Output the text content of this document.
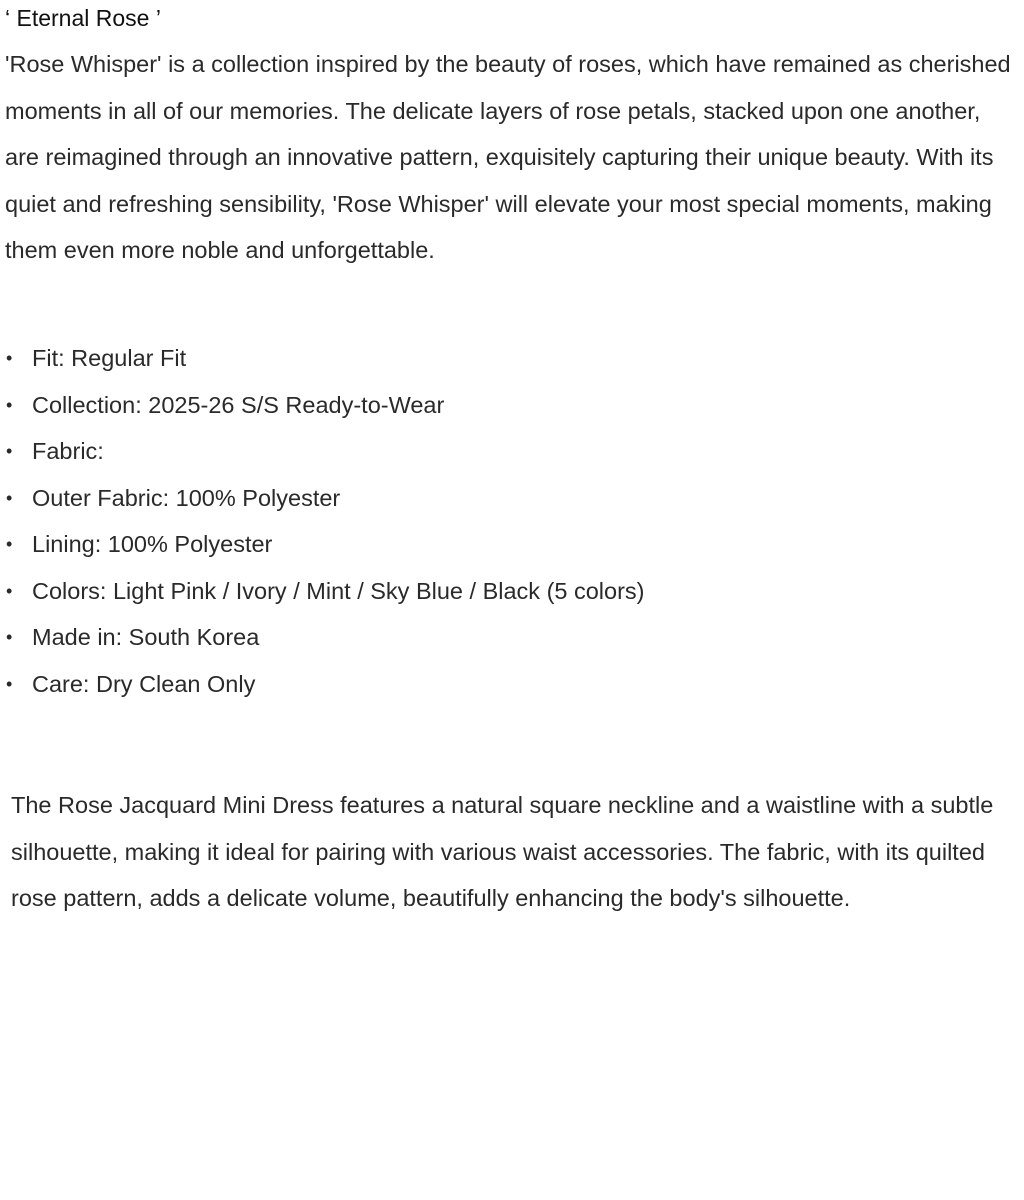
‘ Eternal Rose ’

'Rose Whisper' is a collection inspired by the beauty of roses, which have remained as cherished moments in all of our memories. The delicate layers of rose petals, stacked upon one another, are reimagined through an innovative pattern, exquisitely capturing their unique beauty. With its quiet and refreshing sensibility, 'Rose Whisper' will elevate your most special moments, making them even more noble and unforgettable.

• Fit: Regular Fit
• Collection: 2025-26 S/S Ready-to-Wear
• Fabric:
• Outer Fabric: 100% Polyester
• Lining: 100% Polyester
• Colors: Light Pink / Ivory / Mint / Sky Blue / Black (5 colors)
• Made in: South Korea
• Care: Dry Clean Only

The Rose Jacquard Mini Dress features a natural square neckline and a waistline with a subtle silhouette, making it ideal for pairing with various waist accessories. The fabric, with its quilted rose pattern, adds a delicate volume, beautifully enhancing the body's silhouette.
